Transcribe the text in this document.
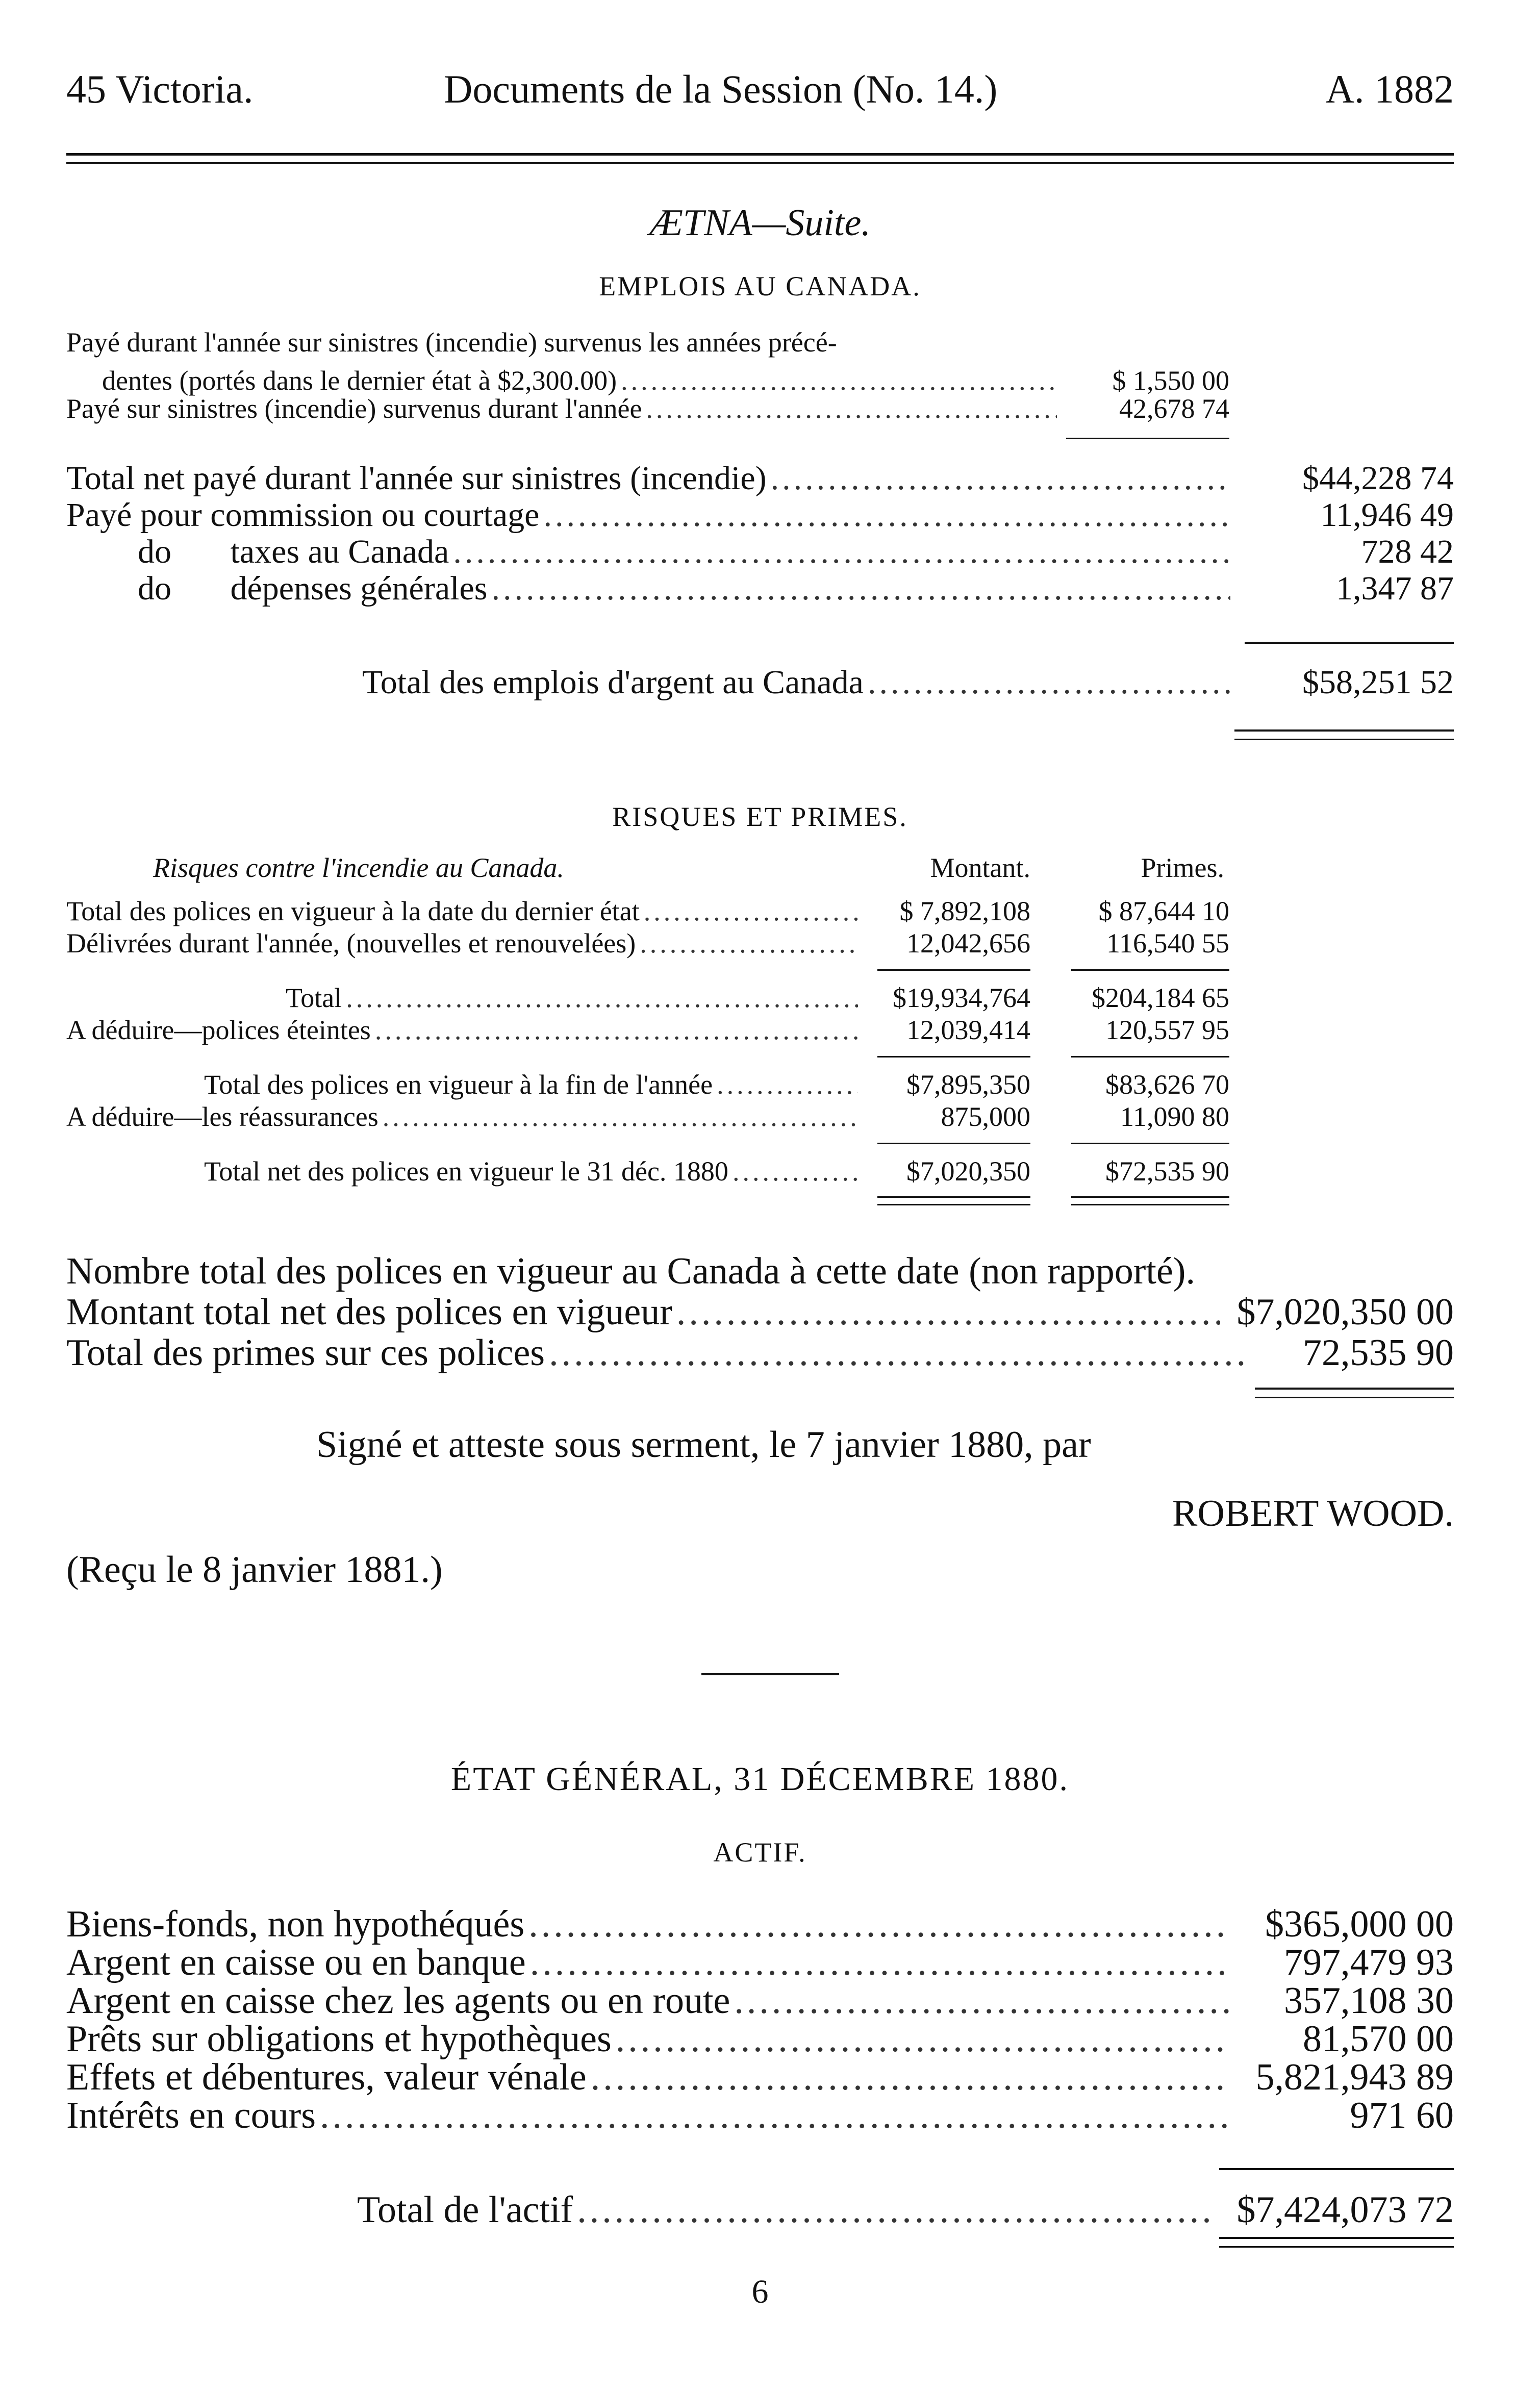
45 Victoria.	Documents de la Session (No. 14.)	A. 1882
ÆTNA—Suite.
EMPLOIS AU CANADA.
Payé durant l'année sur sinistres (incendie) survenus les années précé-
dentes (portés dans le dernier état à $2,300.00) .....	$ 1,550 00
Payé sur sinistres (incendie) survenus durant l'année .....	42,678 74
Total net payé durant l'année sur sinistres (incendie) .....	$44,228 74
Payé pour commission ou courtage .....	11,946 49
do       taxes au Canada .....	728 42
do       dépenses générales .....	1,347 87
Total des emplois d'argent au Canada .....	$58,251 52
RISQUES ET PRIMES.
Risques contre l'incendie au Canada.	Montant.	Primes.
Total des polices en vigueur à la date du dernier état .....	$ 7,892,108	$ 87,644 10
Délivrées durant l'année, (nouvelles et renouvelées) .....	12,042,656	116,540 55
Total .....	$19,934,764	$204,184 65
A déduire—polices éteintes .....	12,039,414	120,557 95
Total des polices en vigueur à la fin de l'année .....	$7,895,350	$83,626 70
A déduire—les réassurances .....	875,000	11,090 80
Total net des polices en vigueur le 31 déc. 1880 .....	$7,020,350	$72,535 90
Nombre total des polices en vigueur au Canada à cette date (non rapporté).
Montant total net des polices en vigueur .....	$7,020,350 00
Total des primes sur ces polices .....	72,535 90
Signé et atteste sous serment, le 7 janvier 1880, par
ROBERT WOOD.
(Reçu le 8 janvier 1881.)
ÉTAT GÉNÉRAL, 31 DÉCEMBRE 1880.
ACTIF.
Biens-fonds, non hypothéqués .....	$365,000 00
Argent en caisse ou en banque .....	797,479 93
Argent en caisse chez les agents ou en route .....	357,108 30
Prêts sur obligations et hypothèques .....	81,570 00
Effets et débentures, valeur vénale .....	5,821,943 89
Intérêts en cours .....	971 60
Total de l'actif .....	$7,424,073 72
6
